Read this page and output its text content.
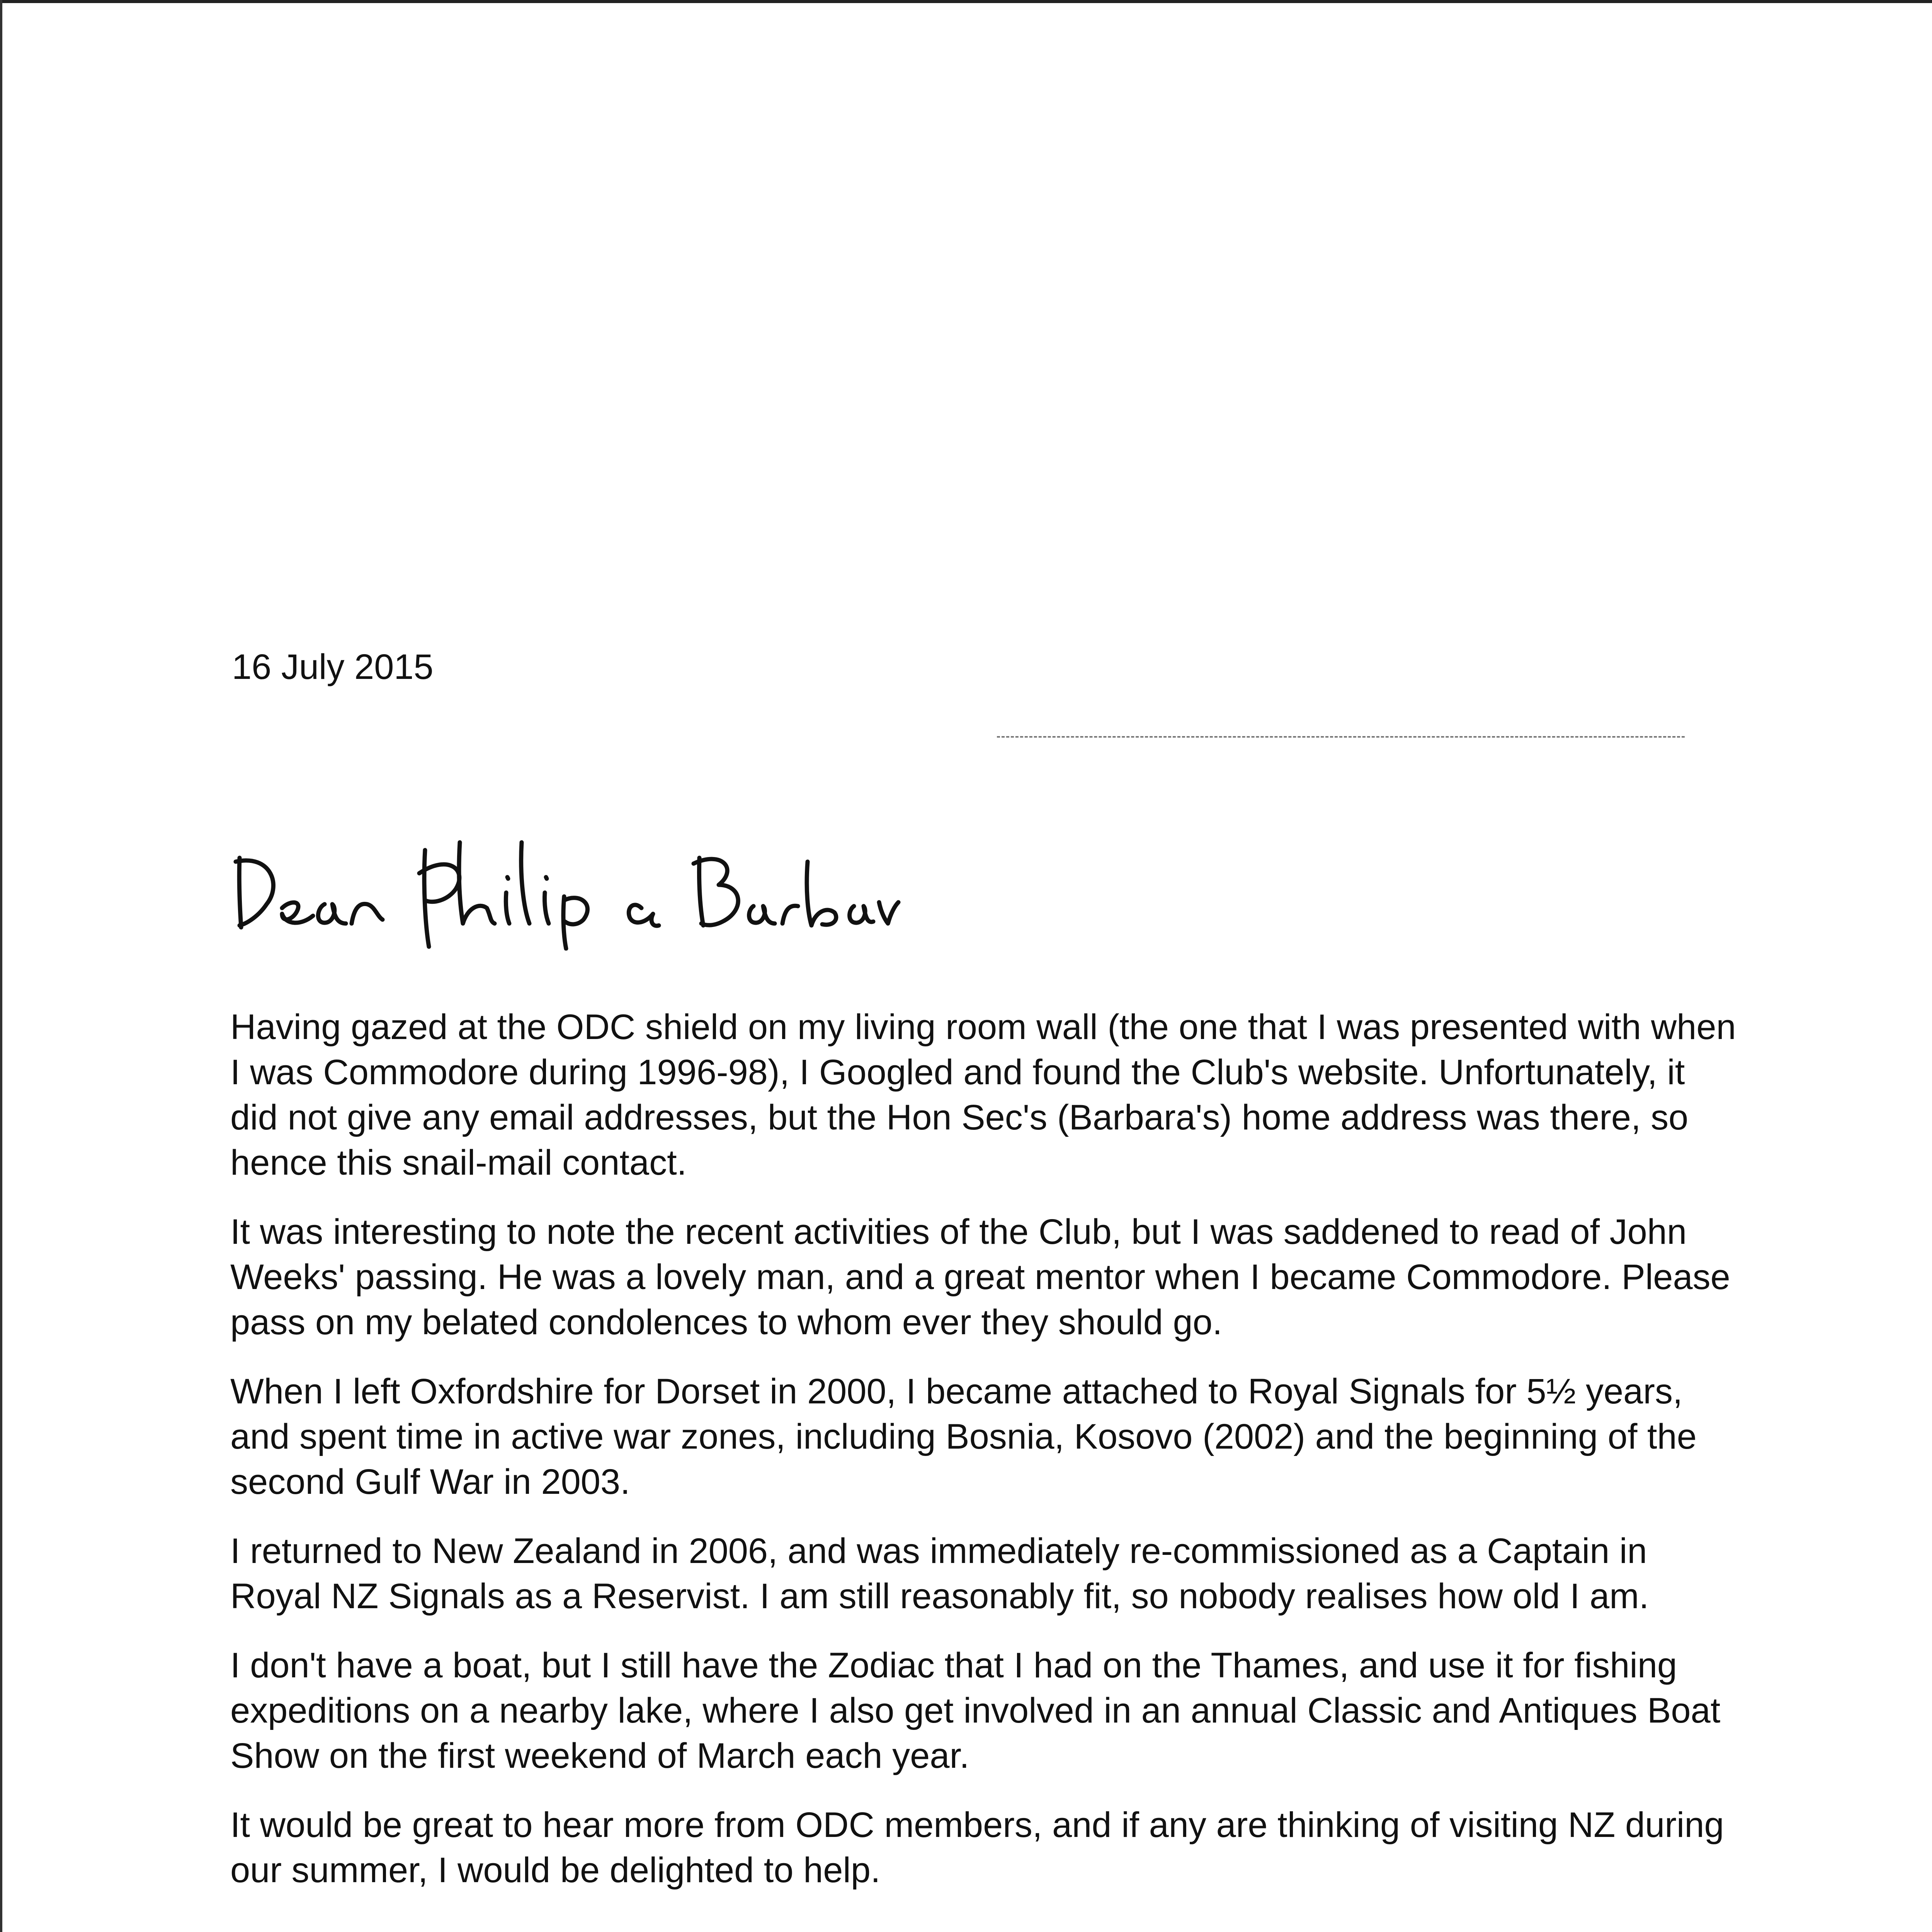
16 July 2015

Having gazed at the ODC shield on my living room wall (the one that I was presented with when I was Commodore during 1996-98), I Googled and found the Club's website. Unfortunately, it did not give any email addresses, but the Hon Sec's (Barbara's) home address was there, so hence this snail-mail contact.

It was interesting to note the recent activities of the Club, but I was saddened to read of John Weeks' passing. He was a lovely man, and a great mentor when I became Commodore. Please pass on my belated condolences to whom ever they should go.

When I left Oxfordshire for Dorset in 2000, I became attached to Royal Signals for 5½ years, and spent time in active war zones, including Bosnia, Kosovo (2002) and the beginning of the second Gulf War in 2003.

I returned to New Zealand in 2006, and was immediately re-commissioned as a Captain in Royal NZ Signals as a Reservist. I am still reasonably fit, so nobody realises how old I am.

I don't have a boat, but I still have the Zodiac that I had on the Thames, and use it for fishing expeditions on a nearby lake, where I also get involved in an annual Classic and Antiques Boat Show on the first weekend of March each year.

It would be great to hear more from ODC members, and if any are thinking of visiting NZ during our summer, I would be delighted to help.
